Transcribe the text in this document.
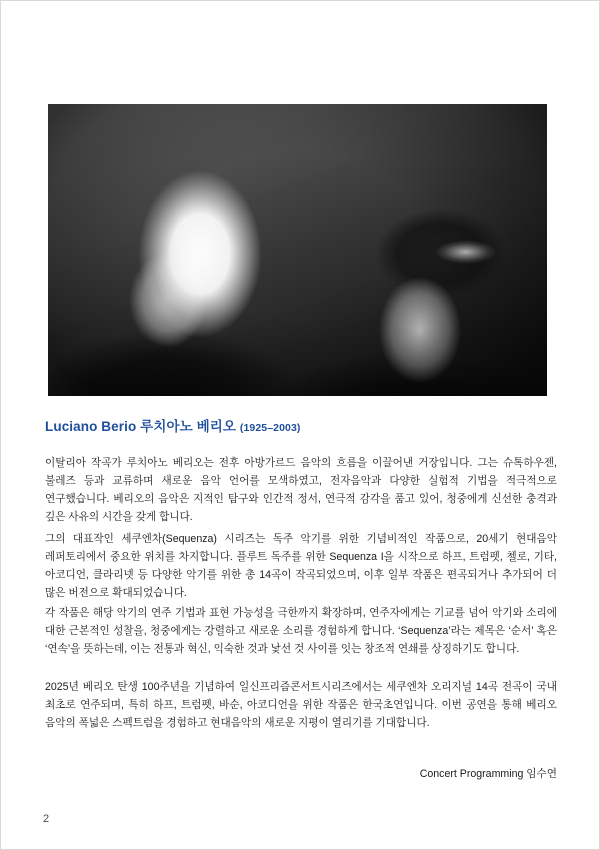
Luciano Berio 루치아노 베리오 (1925–2003)

이탈리아 작곡가 루치아노 베리오는 전후 아방가르드 음악의 흐름을 이끌어낸 거장입니다. 그는 슈톡하우젠, 불레즈 등과 교류하며 새로운 음악 언어를 모색하였고, 전자음악과 다양한 실험적 기법을 적극적으로 연구했습니다. 베리오의 음악은 지적인 탐구와 인간적 정서, 연극적 감각을 품고 있어, 청중에게 신선한 충격과 깊은 사유의 시간을 갖게 합니다.

그의 대표작인 세쿠엔차(Sequenza) 시리즈는 독주 악기를 위한 기념비적인 작품으로, 20세기 현대음악 레퍼토리에서 중요한 위치를 차지합니다. 플루트 독주를 위한 Sequenza I을 시작으로 하프, 트럼펫, 첼로, 기타, 아코디언, 클라리넷 등 다양한 악기를 위한 총 14곡이 작곡되었으며, 이후 일부 작품은 편곡되거나 추가되어 더 많은 버전으로 확대되었습니다.

각 작품은 해당 악기의 연주 기법과 표현 가능성을 극한까지 확장하며, 연주자에게는 기교를 넘어 악기와 소리에 대한 근본적인 성찰을, 청중에게는 강렬하고 새로운 소리를 경험하게 합니다. ‘Sequenza’라는 제목은 ‘순서’ 혹은 ‘연속’을 뜻하는데, 이는 전통과 혁신, 익숙한 것과 낯선 것 사이를 잇는 창조적 연쇄를 상징하기도 합니다.

2025년 베리오 탄생 100주년을 기념하여 일신프리즘콘서트시리즈에서는 세쿠엔차 오리지널 14곡 전곡이 국내 최초로 연주되며, 특히 하프, 트럼펫, 바순, 아코디언을 위한 작품은 한국초연입니다. 이번 공연을 통해 베리오 음악의 폭넓은 스펙트럼을 경험하고 현대음악의 새로운 지평이 열리기를 기대합니다.

Concert Programming 임수연
2
